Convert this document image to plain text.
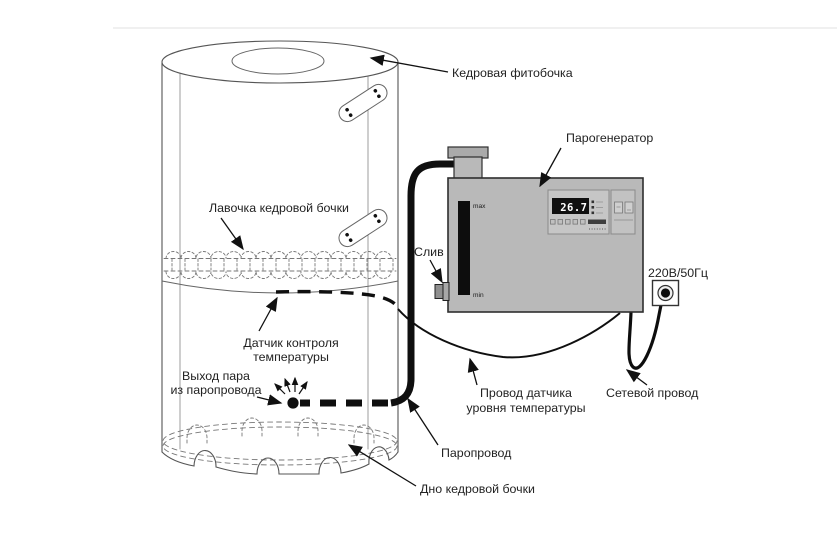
max
min
26.7
Кедровая фитобочка
Парогенератор
Лавочка кедровой бочки
Слив
220В/50Гц
Датчик контроля
температуры
Выход пара
из паропровода	Провод датчика
уровня температуры
Сетевой провод
Паропровод
Дно кедровой бочки
